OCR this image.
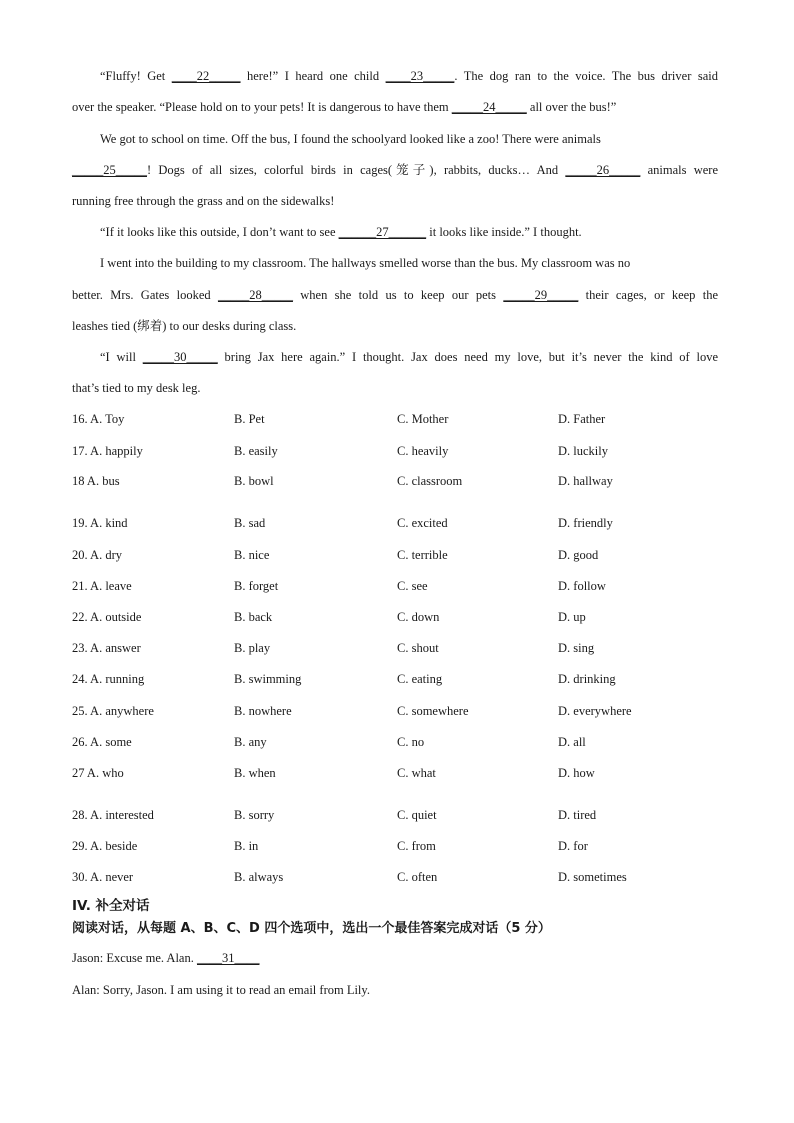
“Fluffy! Get ____22_____ here!” I heard one child ____23_____. The dog ran to the voice. The bus driver said
over the speaker. “Please hold on to your pets! It is dangerous to have them _____24_____ all over the bus!”
We got to school on time. Off the bus, I found the schoolyard looked like a zoo! There were animals
_____25_____! Dogs of all sizes, colorful birds in cages(笼子), rabbits, ducks… And _____26_____ animals were
running free through the grass and on the sidewalks!
“If it looks like this outside, I don’t want to see ______27______ it looks like inside.” I thought.
I went into the building to my classroom. The hallways smelled worse than the bus. My classroom was no
better. Mrs. Gates looked _____28_____ when she told us to keep our pets _____29_____ their cages, or keep the
leashes tied (绑着) to our desks during class.
“I will _____30_____ bring Jax here again.” I thought. Jax does need my love, but it’s never the kind of love
that’s tied to my desk leg.
16. A. Toy	B. Pet	C. Mother	D. Father
17. A. happily	B. easily	C. heavily	D. luckily
18 A. bus	B. bowl	C. classroom	D. hallway
19. A. kind	B. sad	C. excited	D. friendly
20. A. dry	B. nice	C. terrible	D. good
21. A. leave	B. forget	C. see	D. follow
22. A. outside	B. back	C. down	D. up
23. A. answer	B. play	C. shout	D. sing
24. A. running	B. swimming	C. eating	D. drinking
25. A. anywhere	B. nowhere	C. somewhere	D. everywhere
26. A. some	B. any	C. no	D. all
27 A. who	B. when	C. what	D. how
28. A. interested	B. sorry	C. quiet	D. tired
29. A. beside	B. in	C. from	D. for
30. A. never	B. always	C. often	D. sometimes
IV. 补全对话
阅读对话，从每题 A、B、C、D 四个选项中，选出一个最佳答案完成对话（5 分）
Jason: Excuse me. Alan. ____31____
Alan: Sorry, Jason. I am using it to read an email from Lily.
